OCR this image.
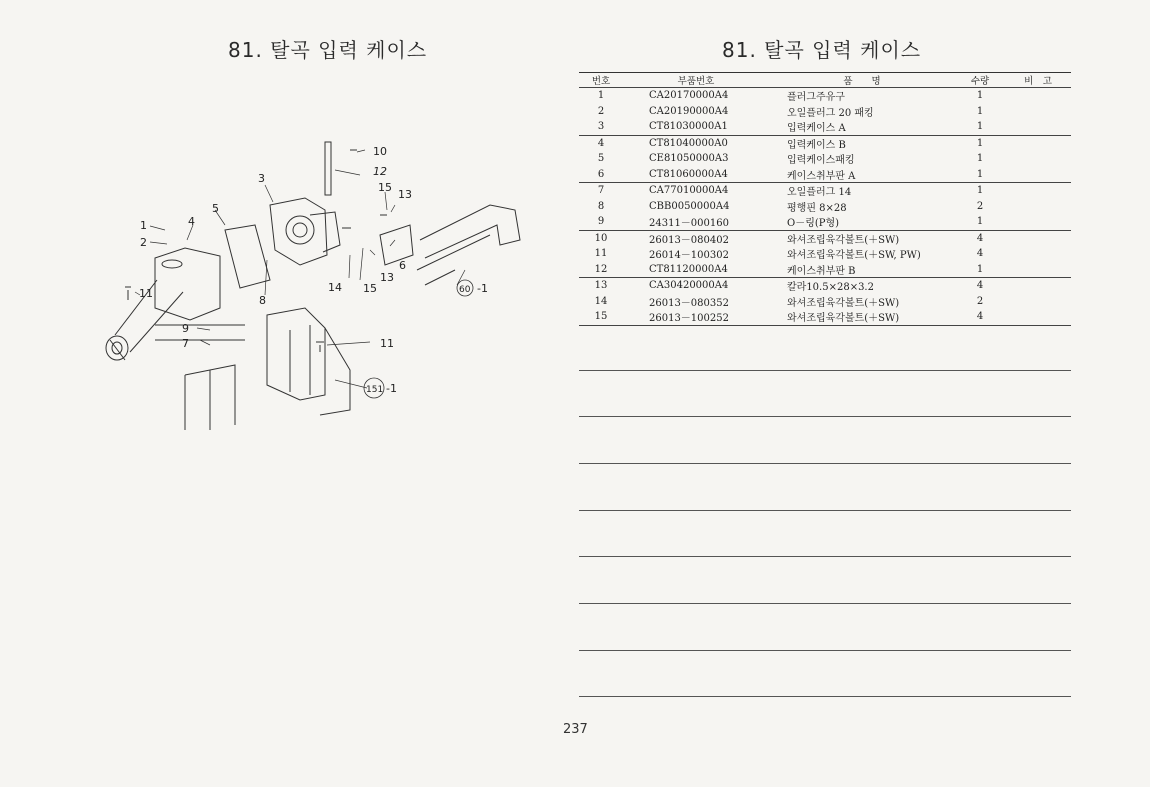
81. 탈곡 입력 케이스	81. 탈곡 입력 케이스
1
2
3
4
5
6
7
8
9
10
11
12
13
15
13
14 15
11
60 -1
151 -1
번호	부품번호	품　　명	수량	비　고
1	CA20170000A4	플러그주유구	1	
2	CA20190000A4	오일플러그 20 패킹	1	
3	CT81030000A1	입력케이스 A	1	
4	CT81040000A0	입력케이스 B	1	
5	CE81050000A3	입력케이스패킹	1	
6	CT81060000A4	케이스취부판 A	1	
7	CA77010000A4	오일플러그 14	1	
8	CBB0050000A4	평행핀 8×28	2	
9	24311－000160	O－링(P형)	1	
10	26013－080402	와셔조립육각볼트(＋SW)	4	
11	26014－100302	와셔조립육각볼트(＋SW, PW)	4	
12	CT81120000A4	케이스취부판 B	1	
13	CA30420000A4	칼라10.5×28×3.2	4	
14	26013－080352	와셔조립육각볼트(＋SW)	2	
15	26013－100252	와셔조립육각볼트(＋SW)	4	
237
